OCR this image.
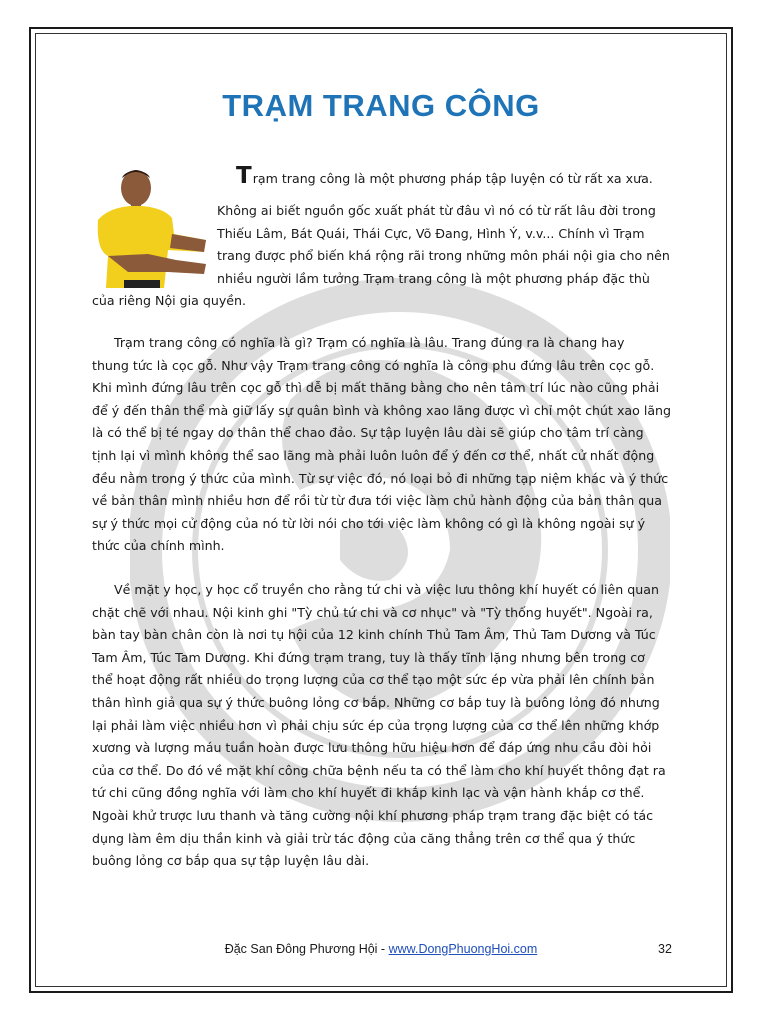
TRẠM TRANG CÔNG
Trạm trang công là một phương pháp tập luyện có từ rất xa xưa.
Không ai biết nguồn gốc xuất phát từ đâu vì nó có từ rất lâu đời trong
Thiếu Lâm, Bát Quái, Thái Cực, Võ Đang, Hình Ý, v.v... Chính vì Trạm
trang được phổ biến khá rộng rãi trong những môn phái nội gia cho nên
nhiều người lầm tưởng Trạm trang công là một phương pháp đặc thù
của riêng Nội gia quyền.
Trạm trang công có nghĩa là gì? Trạm có nghĩa là lâu. Trang đúng ra là chang hay
thung tức là cọc gỗ. Như vậy Trạm trang công có nghĩa là công phu đứng lâu trên cọc gỗ.
Khi mình đứng lâu trên cọc gỗ thì dễ bị mất thăng bằng cho nên tâm trí lúc nào cũng phải
để ý đến thân thể mà giữ lấy sự quân bình và không xao lãng được vì chỉ một chút xao lãng
là có thể bị té ngay do thân thể chao đảo. Sự tập luyện lâu dài sẽ giúp cho tâm trí càng
tịnh lại vì mình không thể sao lãng mà phải luôn luôn để ý đến cơ thể, nhất cử nhất động
đều nằm trong ý thức của mình. Từ sự việc đó, nó loại bỏ đi những tạp niệm khác và ý thức
về bản thân mình nhiều hơn để rồi từ từ đưa tới việc làm chủ hành động của bản thân qua
sự ý thức mọi cử động của nó từ lời nói cho tới việc làm không có gì là không ngoài sự ý
thức của chính mình.
Về mặt y học, y học cổ truyền cho rằng tứ chi và việc lưu thông khí huyết có liên quan
chặt chẽ với nhau. Nội kinh ghi "Tỳ chủ tứ chi và cơ nhục" và "Tỳ thống huyết". Ngoài ra,
bàn tay bàn chân còn là nơi tụ hội của 12 kinh chính Thủ Tam Âm, Thủ Tam Dương và Túc
Tam Âm, Túc Tam Dương. Khi đứng trạm trang, tuy là thấy tĩnh lặng nhưng bên trong cơ
thể hoạt động rất nhiều do trọng lượng của cơ thể tạo một sức ép vừa phải lên chính bản
thân hình giả qua sự ý thức buông lỏng cơ bắp. Những cơ bắp tuy là buông lỏng đó nhưng
lại phải làm việc nhiều hơn vì phải chịu sức ép của trọng lượng của cơ thể lên những khớp
xương và lượng máu tuần hoàn được lưu thông hữu hiệu hơn để đáp ứng nhu cầu đòi hỏi
của cơ thể. Do đó về mặt khí công chữa bệnh nếu ta có thể làm cho khí huyết thông đạt ra
tứ chi cũng đồng nghĩa với làm cho khí huyết đi khắp kinh lạc và vận hành khắp cơ thể.
Ngoài khử trược lưu thanh và tăng cường nội khí phương pháp trạm trang đặc biệt có tác
dụng làm êm dịu thần kinh và giải trừ tác động của căng thẳng trên cơ thể qua ý thức
buông lỏng cơ bắp qua sự tập luyện lâu dài.
Đặc San Đông Phương Hội - www.DongPhuongHoi.com	32
